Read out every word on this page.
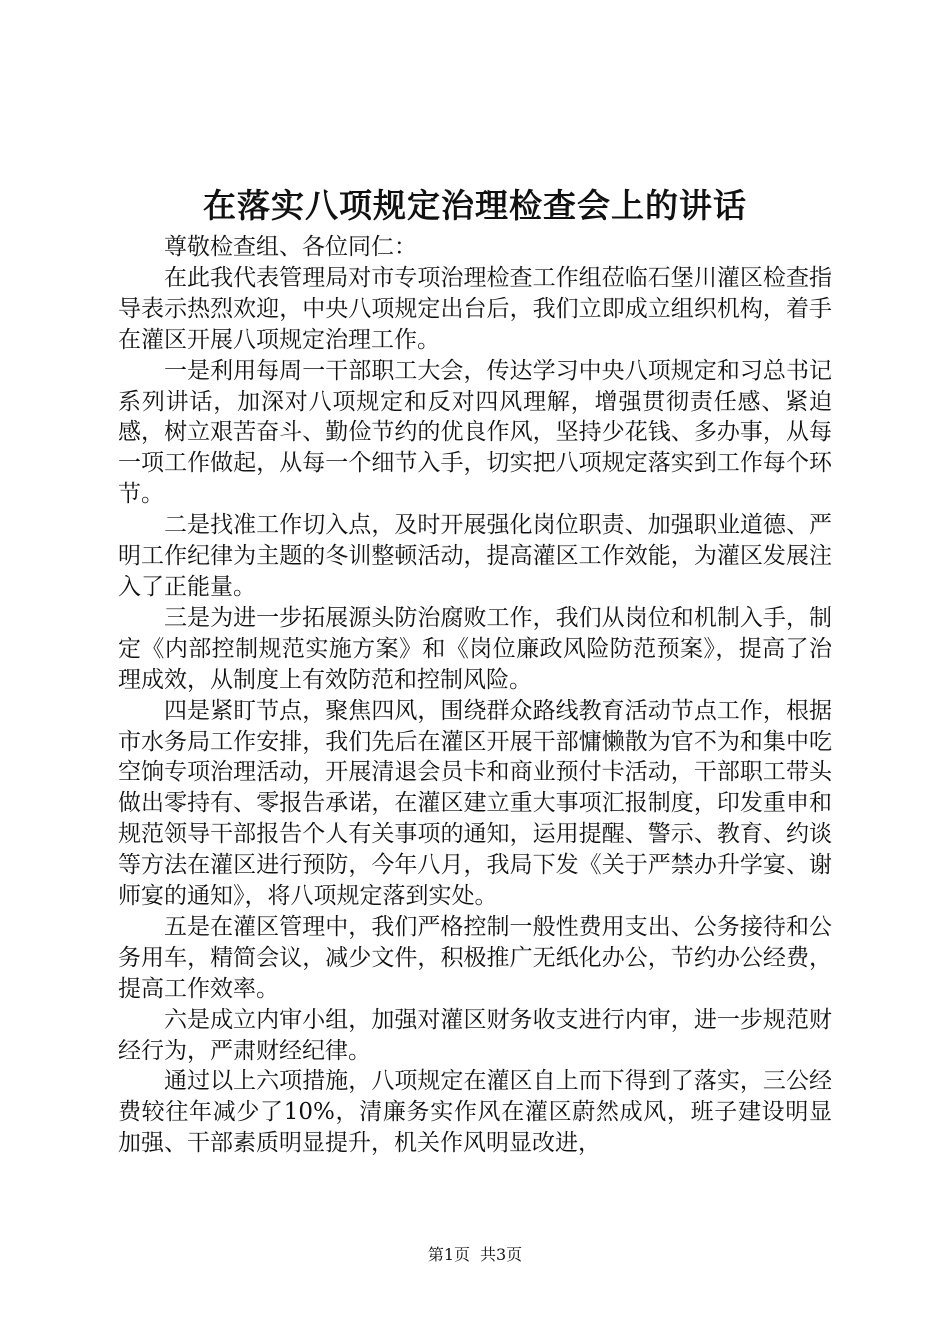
在落实八项规定治理检查会上的讲话

尊敬检查组、各位同仁：

在此我代表管理局对市专项治理检查工作组莅临石堡川灌区检查指导表示热烈欢迎，中央八项规定出台后，我们立即成立组织机构，着手在灌区开展八项规定治理工作。

一是利用每周一干部职工大会，传达学习中央八项规定和习总书记系列讲话，加深对八项规定和反对四风理解，增强贯彻责任感、紧迫感，树立艰苦奋斗、勤俭节约的优良作风，坚持少花钱、多办事，从每一项工作做起，从每一个细节入手，切实把八项规定落实到工作每个环节。

二是找准工作切入点，及时开展强化岗位职责、加强职业道德、严明工作纪律为主题的冬训整顿活动，提高灌区工作效能，为灌区发展注入了正能量。

三是为进一步拓展源头防治腐败工作，我们从岗位和机制入手，制定《内部控制规范实施方案》和《岗位廉政风险防范预案》，提高了治理成效，从制度上有效防范和控制风险。

四是紧盯节点，聚焦四风，围绕群众路线教育活动节点工作，根据市水务局工作安排，我们先后在灌区开展干部慵懒散为官不为和集中吃空饷专项治理活动，开展清退会员卡和商业预付卡活动，干部职工带头做出零持有、零报告承诺，在灌区建立重大事项汇报制度，印发重申和规范领导干部报告个人有关事项的通知，运用提醒、警示、教育、约谈等方法在灌区进行预防，今年八月，我局下发《关于严禁办升学宴、谢师宴的通知》，将八项规定落到实处。

五是在灌区管理中，我们严格控制一般性费用支出、公务接待和公务用车，精简会议，减少文件，积极推广无纸化办公，节约办公经费，提高工作效率。

六是成立内审小组，加强对灌区财务收支进行内审，进一步规范财经行为，严肃财经纪律。

通过以上六项措施，八项规定在灌区自上而下得到了落实，三公经费较往年减少了10%，清廉务实作风在灌区蔚然成风，班子建设明显加强、干部素质明显提升，机关作风明显改进，

第1页 共3页
